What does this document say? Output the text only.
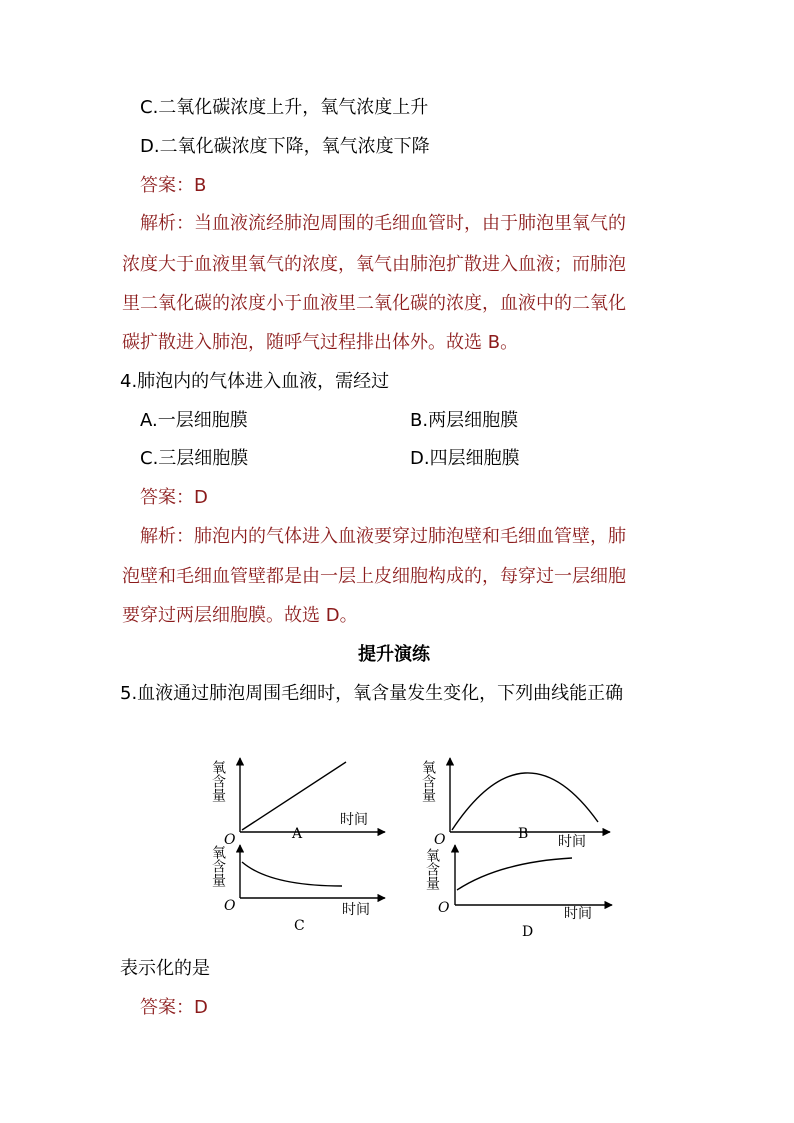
C.二氧化碳浓度上升，氧气浓度上升
D.二氧化碳浓度下降，氧气浓度下降
答案：B
解析：当血液流经肺泡周围的毛细血管时，由于肺泡里氧气的
浓度大于血液里氧气的浓度，氧气由肺泡扩散进入血液；而肺泡
里二氧化碳的浓度小于血液里二氧化碳的浓度，血液中的二氧化
碳扩散进入肺泡，随呼气过程排出体外。故选 B。
4.肺泡内的气体进入血液，需经过
A.一层细胞膜	B.两层细胞膜
C.三层细胞膜	D.四层细胞膜
答案：D
解析：肺泡内的气体进入血液要穿过肺泡壁和毛细血管壁，肺
泡壁和毛细血管壁都是由一层上皮细胞构成的，每穿过一层细胞
要穿过两层细胞膜。故选 D。
提升演练
5.血液通过肺泡周围毛细时，氧含量发生变化，下列曲线能正确
氧含量	氧含量
氧含量	氧含量
O	O
O	O
时间
时间
时间	时间
A	B
C	D
表示化的是
答案：D
